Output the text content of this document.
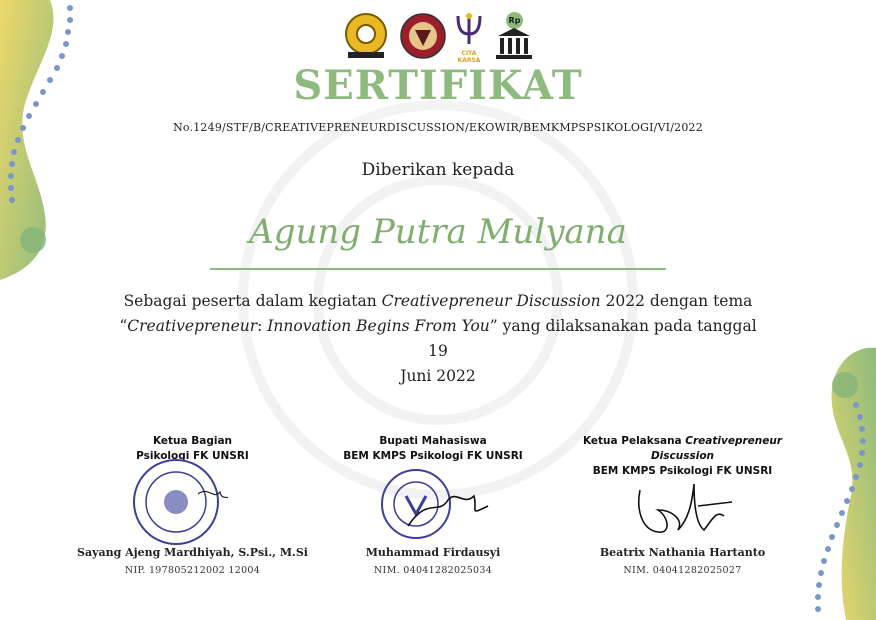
CITA KARSA
Rp
SERTIFIKAT
No.1249/STF/B/CREATIVEPRENEURDISCUSSION/EKOWIR/BEMKMPSPSIKOLOGI/VI/2022
Diberikan kepada
Agung Putra Mulyana
Sebagai peserta dalam kegiatan Creativepreneur Discussion 2022 dengan tema
“Creativepreneur: Innovation Begins From You” yang dilaksanakan pada tanggal 19
Juni 2022
Ketua Bagian
Psikologi FK UNSRI
Sayang Ajeng Mardhiyah, S.Psi., M.Si
NIP. 197805212002 12004
Bupati Mahasiswa
BEM KMPS Psikologi FK UNSRI
Muhammad Firdausyi
NIM. 04041282025034
Ketua Pelaksana Creativepreneur
Discussion
BEM KMPS Psikologi FK UNSRI
Beatrix Nathania Hartanto
NIM. 04041282025027
